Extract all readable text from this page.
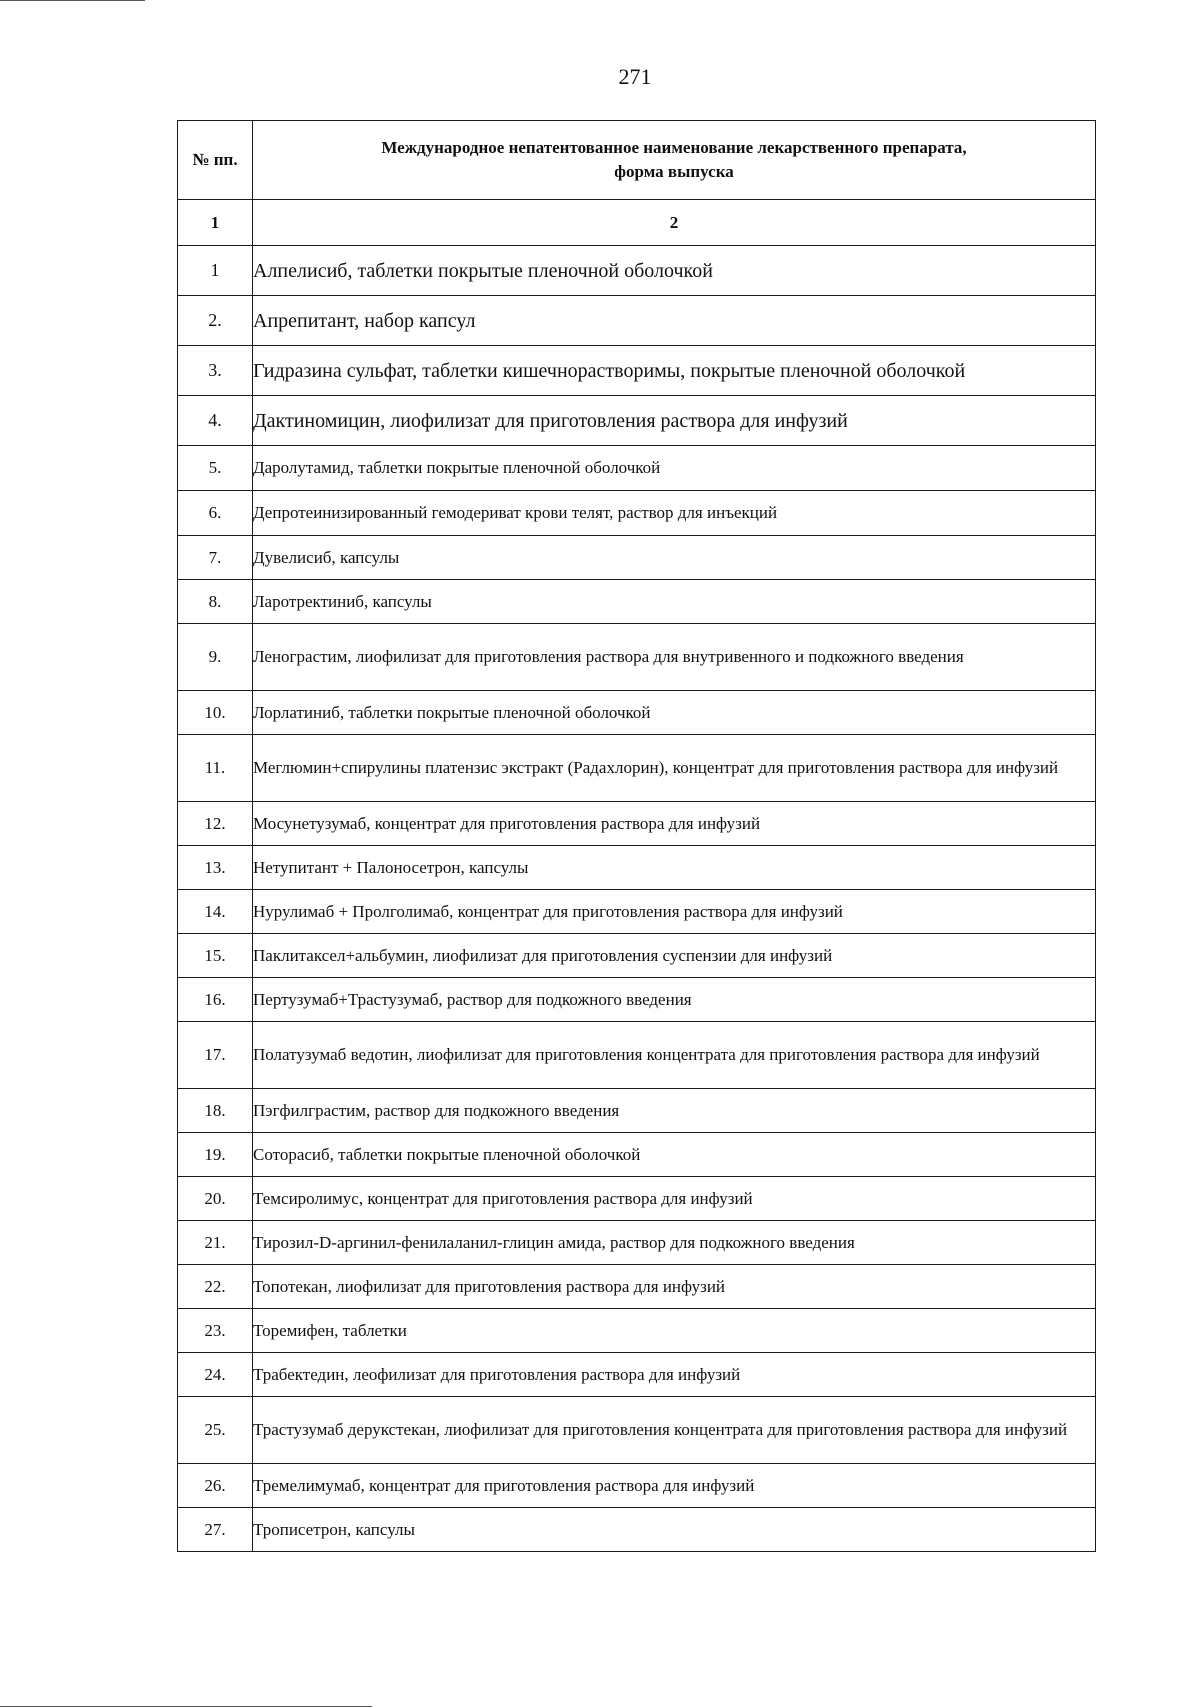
271
№ пп.	Международное непатентованное наименование лекарственного препарата,
форма выпуска

1	2
1	Алпелисиб, таблетки покрытые пленочной оболочкой
2.	Апрепитант, набор капсул
3.	Гидразина сульфат, таблетки кишечнорастворимы, покрытые пленочной оболочкой
4.	Дактиномицин, лиофилизат для приготовления раствора для инфузий
5.	Даролутамид, таблетки покрытые пленочной оболочкой
6.	Депротеинизированный гемодериват крови телят, раствор для инъекций
7.	Дувелисиб, капсулы
8.	Ларотректиниб, капсулы
9.	Ленограстим, лиофилизат для приготовления раствора для внутривенного и подкожного введения
10.	Лорлатиниб, таблетки покрытые пленочной оболочкой
11.	Меглюмин+спирулины платензис экстракт (Радахлорин), концентрат для приготовления раствора для инфузий
12.	Мосунетузумаб, концентрат для приготовления раствора для инфузий
13.	Нетупитант + Палоносетрон, капсулы
14.	Нурулимаб + Пролголимаб, концентрат для приготовления раствора для инфузий
15.	Паклитаксел+альбумин, лиофилизат для приготовления суспензии для инфузий
16.	Пертузумаб+Трастузумаб, раствор для подкожного введения
17.	Полатузумаб ведотин, лиофилизат для приготовления концентрата для приготовления раствора для инфузий
18.	Пэгфилграстим, раствор для подкожного введения
19.	Соторасиб, таблетки покрытые пленочной оболочкой
20.	Темсиролимус, концентрат для приготовления раствора для инфузий
21.	Тирозил-D-аргинил-фенилаланил-глицин амида, раствор для подкожного введения
22.	Топотекан, лиофилизат для приготовления раствора для инфузий
23.	Торемифен, таблетки
24.	Трабектедин, леофилизат для приготовления раствора для инфузий
25.	Трастузумаб дерукстекан, лиофилизат для приготовления концентрата для приготовления раствора для инфузий
26.	Тремелимумаб, концентрат для приготовления раствора для инфузий
27.	Трописетрон, капсулы
